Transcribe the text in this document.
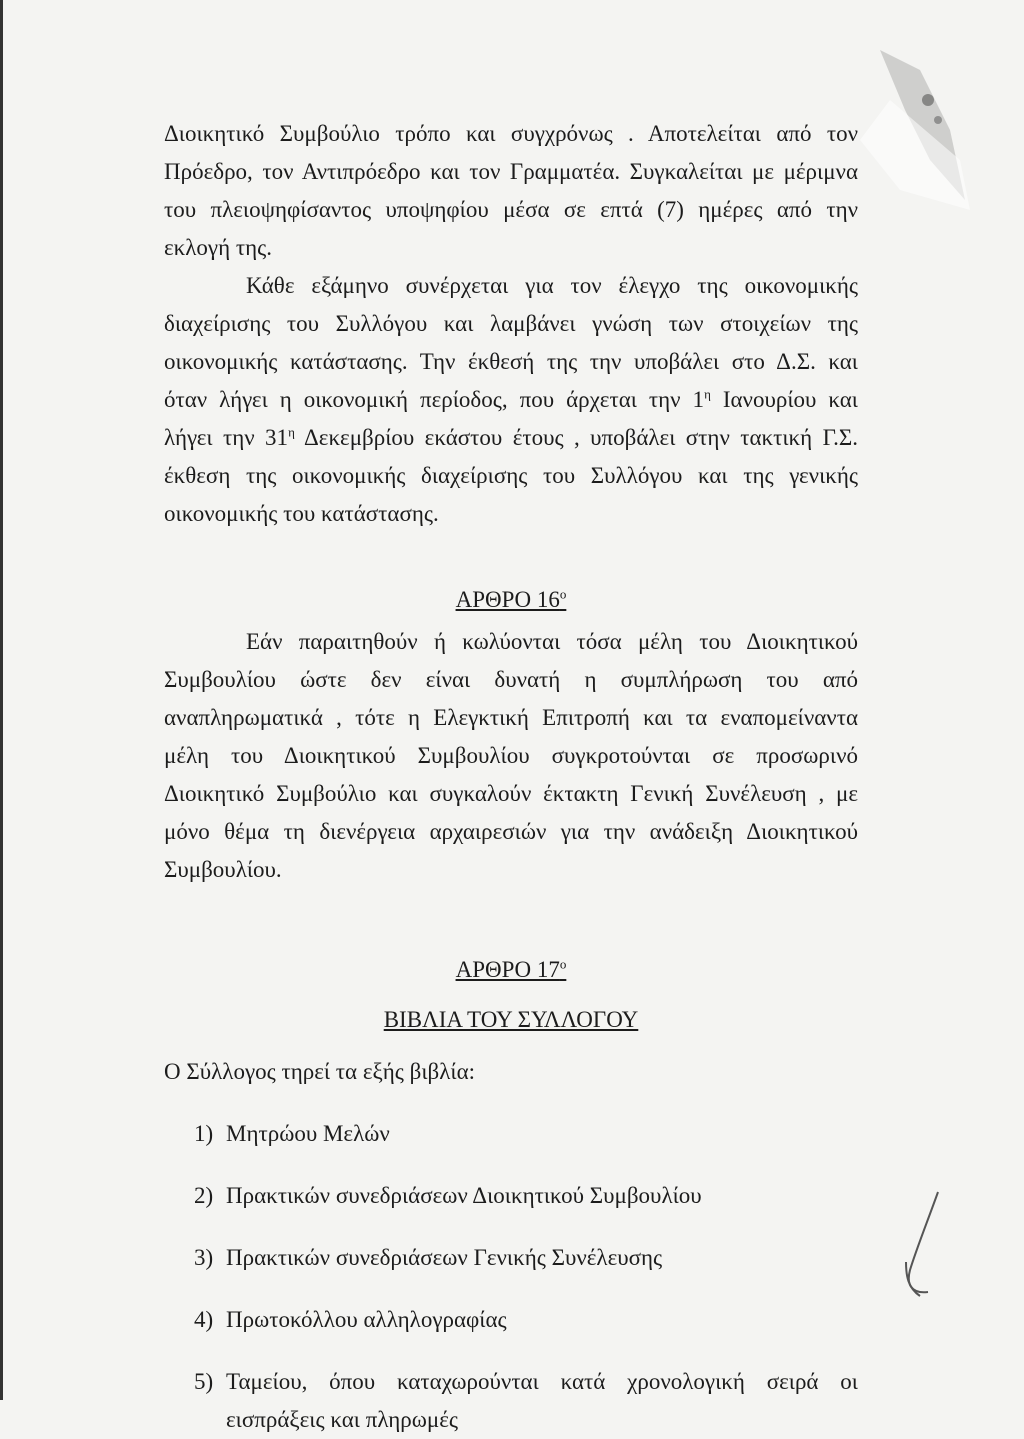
Διοικητικό Συμβούλιο τρόπο και συγχρόνως . Αποτελείται από τον
Πρόεδρο, τον Αντιπρόεδρο και τον Γραμματέα. Συγκαλείται με μέριμνα
του πλειοψηφίσαντος υποψηφίου μέσα σε επτά (7) ημέρες από την
εκλογή της.
Κάθε εξάμηνο συνέρχεται για τον έλεγχο της οικονομικής
διαχείρισης του Συλλόγου και λαμβάνει γνώση των στοιχείων της
οικονομικής κατάστασης. Την έκθεσή της την υποβάλει στο Δ.Σ. και
όταν λήγει η οικονομική περίοδος, που άρχεται την $1^\eta$ Ιανουρίου και
λήγει την $31^\eta$ Δεκεμβρίου εκάστου έτους , υποβάλει στην τακτική Γ.Σ.
έκθεση της οικονομικής διαχείρισης του Συλλόγου και της γενικής
οικονομικής του κατάστασης.
ΑΡΘΡΟ $16^o$
Εάν παραιτηθούν ή κωλύονται τόσα μέλη του Διοικητικού
Συμβουλίου ώστε δεν είναι δυνατή η συμπλήρωση του από
αναπληρωματικά , τότε η Ελεγκτική Επιτροπή και τα εναπομείναντα
μέλη του Διοικητικού Συμβουλίου συγκροτούνται σε προσωρινό
Διοικητικό Συμβούλιο και συγκαλούν έκτακτη Γενική Συνέλευση , με
μόνο θέμα τη διενέργεια αρχαιρεσιών για την ανάδειξη Διοικητικού
Συμβουλίου.
ΑΡΘΡΟ $17^o$
ΒΙΒΛΙΑ ΤΟΥ ΣΥΛΛΟΓΟΥ
Ο Σύλλογος τηρεί τα εξής βιβλία:
1) Μητρώου Μελών
2) Πρακτικών συνεδριάσεων Διοικητικού Συμβουλίου
3) Πρακτικών συνεδριάσεων Γενικής Συνέλευσης
4) Πρωτοκόλλου αλληλογραφίας
5) Ταμείου, όπου καταχωρούνται κατά χρονολογική σειρά οι
εισπράξεις και πληρωμές
